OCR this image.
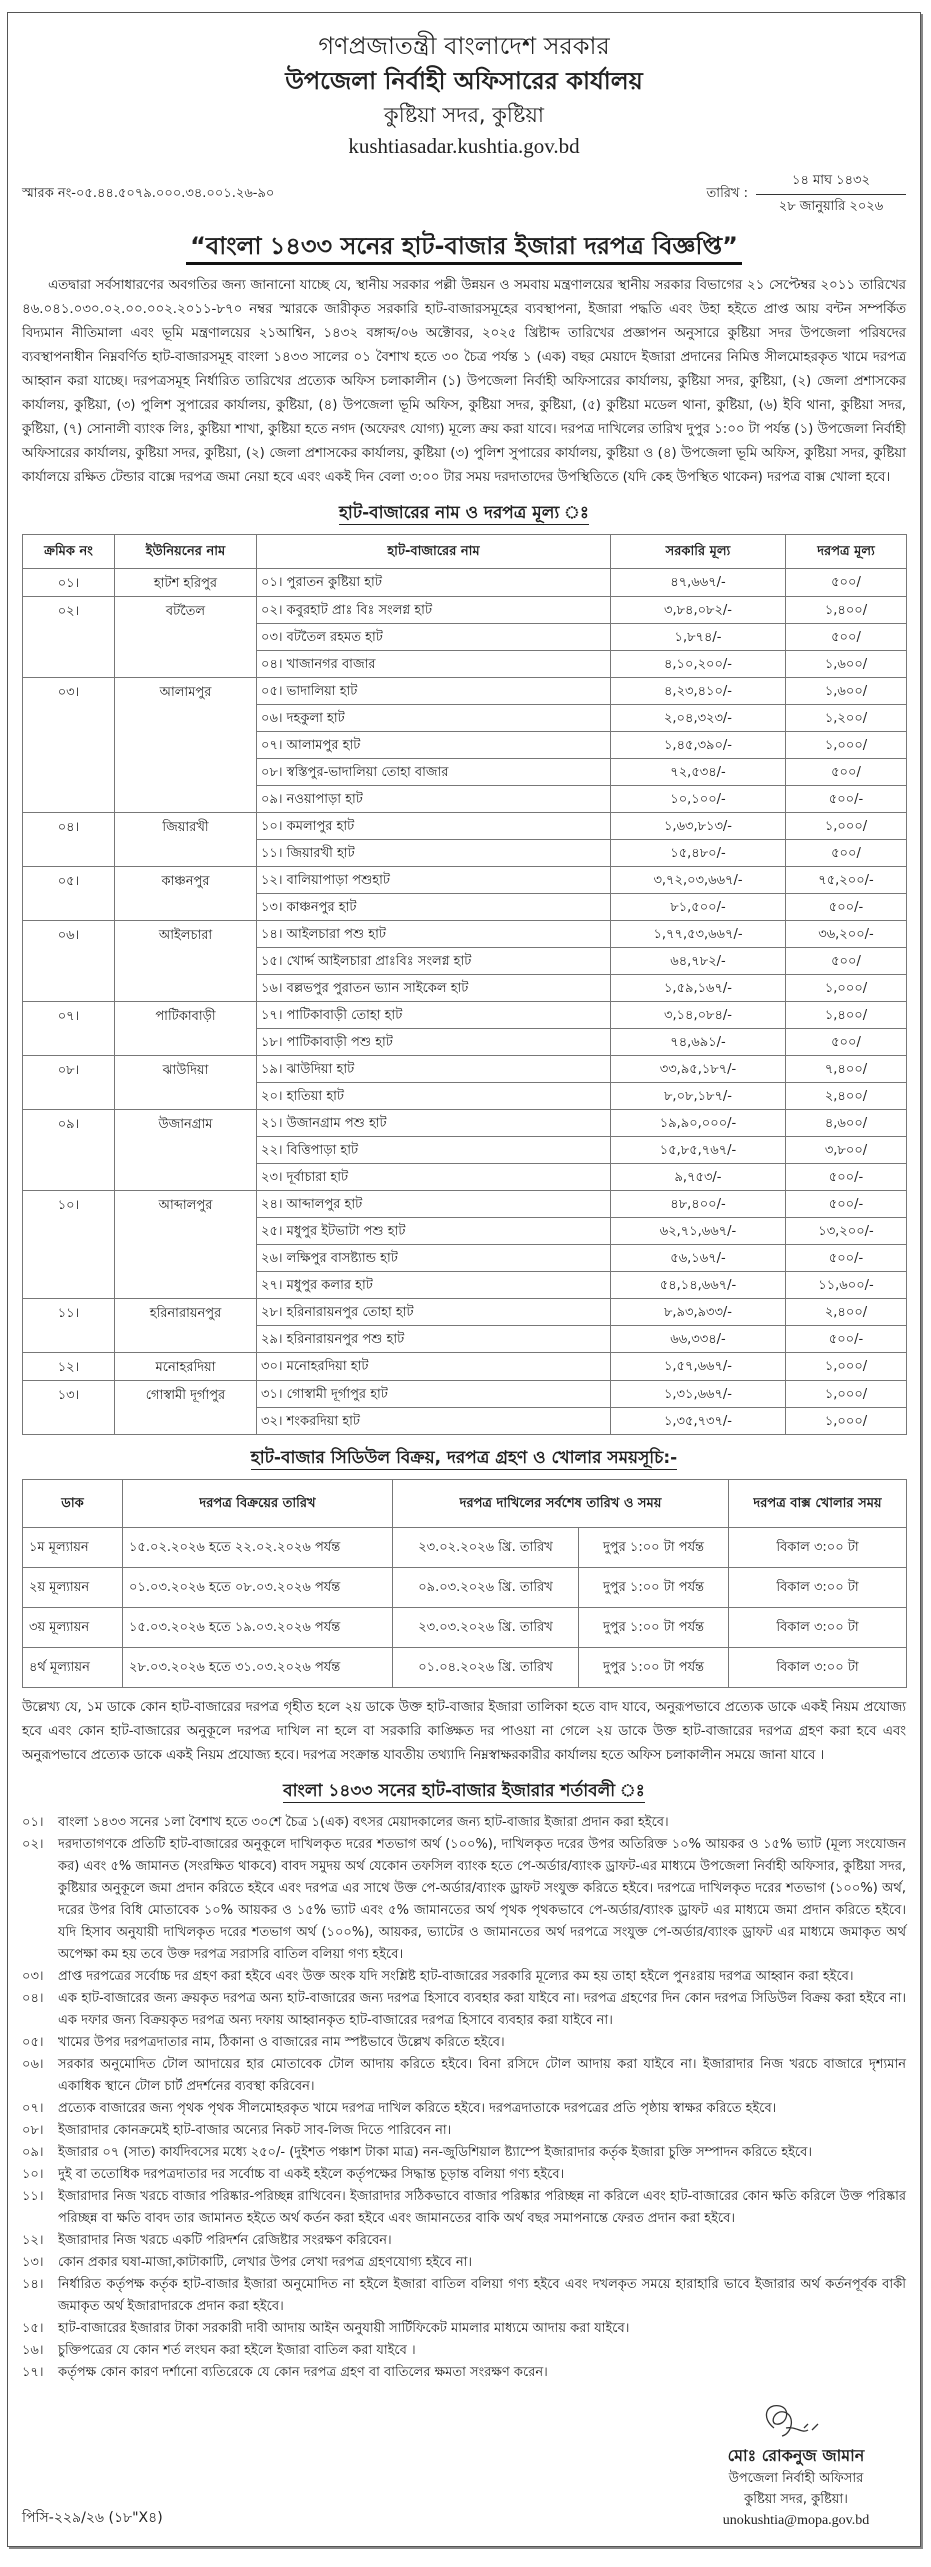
গণপ্রজাতন্ত্রী বাংলাদেশ সরকার
উপজেলা নির্বাহী অফিসারের কার্যালয়
কুষ্টিয়া সদর, কুষ্টিয়া
kushtiasadar.kushtia.gov.bd
স্মারক নং-০৫.৪৪.৫০৭৯.০০০.৩৪.০০১.২৬-৯০	তারিখ :
১৪ মাঘ ১৪৩২
২৮ জানুয়ারি ২০২৬
“বাংলা ১৪৩৩ সনের হাট-বাজার ইজারা দরপত্র বিজ্ঞপ্তি”
এতদ্বারা সর্বসাধারণের অবগতির জন্য জানানো যাচ্ছে যে, স্থানীয় সরকার পল্লী উন্নয়ন ও সমবায় মন্ত্রণালয়ের স্থানীয় সরকার বিভাগের ২১ সেপ্টেম্বর ২০১১ তারিখের ৪৬.০৪১.০৩০.০২.০০.০০২.২০১১-৮৭০ নম্বর স্মারকে জারীকৃত সরকারি হাট-বাজারসমূহের ব্যবস্থাপনা, ইজারা পদ্ধতি এবং উহা হইতে প্রাপ্ত আয় বন্টন সম্পর্কিত বিদ্যমান নীতিমালা এবং ভূমি মন্ত্রণালয়ের ২১আশ্বিন, ১৪৩২ বঙ্গাব্দ/০৬ অক্টোবর, ২০২৫ খ্রিষ্টাব্দ তারিখের প্রজ্ঞাপন অনুসারে কুষ্টিয়া সদর উপজেলা পরিষদের ব্যবস্থাপনাধীন নিম্নবর্ণিত হাট-বাজারসমূহ বাংলা ১৪৩৩ সালের ০১ বৈশাখ হতে ৩০ চৈত্র পর্যন্ত ১ (এক) বছর মেয়াদে ইজারা প্রদানের নিমিত্ত সীলমোহরকৃত খামে দরপত্র আহ্বান করা যাচ্ছে। দরপত্রসমূহ নির্ধারিত তারিখের প্রত্যেক অফিস চলাকালীন (১) উপজেলা নির্বাহী অফিসারের কার্যালয়, কুষ্টিয়া সদর, কুষ্টিয়া, (২) জেলা প্রশাসকের কার্যালয়, কুষ্টিয়া, (৩) পুলিশ সুপারের কার্যালয়, কুষ্টিয়া, (৪) উপজেলা ভূমি অফিস, কুষ্টিয়া সদর, কুষ্টিয়া, (৫) কুষ্টিয়া মডেল থানা, কুষ্টিয়া, (৬) ইবি থানা, কুষ্টিয়া সদর, কুষ্টিয়া, (৭) সোনালী ব্যাংক লিঃ, কুষ্টিয়া শাখা, কুষ্টিয়া হতে নগদ (অফেরৎ যোগ্য) মূল্যে ক্রয় করা যাবে। দরপত্র দাখিলের তারিখ দুপুর ১:০০ টা পর্যন্ত (১) উপজেলা নির্বাহী অফিসারের কার্যালয়, কুষ্টিয়া সদর, কুষ্টিয়া, (২) জেলা প্রশাসকের কার্যালয়, কুষ্টিয়া (৩) পুলিশ সুপারের কার্যালয়, কুষ্টিয়া ও (৪) উপজেলা ভূমি অফিস, কুষ্টিয়া সদর, কুষ্টিয়া কার্যালয়ে রক্ষিত টেন্ডার বাক্সে দরপত্র জমা নেয়া হবে এবং একই দিন বেলা ৩:০০ টার সময় দরদাতাদের উপস্থিতিতে (যদি কেহ উপস্থিত থাকেন) দরপত্র বাক্স খোলা হবে।
হাট-বাজারের নাম ও দরপত্র মূল্য ঃ
ক্রমিক নং	ইউনিয়নের নাম	হাট-বাজারের নাম	সরকারি মূল্য	দরপত্র মূল্য
০১।	হাটশ হরিপুর	০১। পুরাতন কুষ্টিয়া হাট	৪৭,৬৬৭/-	৫০০/
০২।	বটতৈল	০২। কবুরহাট প্রাঃ বিঃ সংলগ্ন হাট	৩,৮৪,০৮২/-	১,৪০০/
		০৩। বটতৈল রহমত হাট	১,৮৭৪/-	৫০০/
		০৪। খাজানগর বাজার	৪,১০,২০০/-	১,৬০০/
০৩।	আলামপুর	০৫। ভাদালিয়া হাট	৪,২৩,৪১০/-	১,৬০০/
		০৬। দহকুলা হাট	২,০৪,৩২৩/-	১,২০০/
		০৭। আলামপুর হাট	১,৪৫,৩৯০/-	১,০০০/
		০৮। স্বস্তিপুর-ভাদালিয়া তোহা বাজার	৭২,৫৩৪/-	৫০০/
		০৯। নওয়াপাড়া হাট	১০,১০০/-	৫০০/-
০৪।	জিয়ারখী	১০। কমলাপুর হাট	১,৬৩,৮১৩/-	১,০০০/
		১১। জিয়ারখী হাট	১৫,৪৮০/-	৫০০/
০৫।	কাঞ্চনপুর	১২। বালিয়াপাড়া পশুহাট	৩,৭২,০৩,৬৬৭/-	৭৫,২০০/-
		১৩। কাঞ্চনপুর হাট	৮১,৫০০/-	৫০০/-
০৬।	আইলচারা	১৪। আইলচারা পশু হাট	১,৭৭,৫৩,৬৬৭/-	৩৬,২০০/-
		১৫। খোর্দ্দ আইলচারা প্রাঃবিঃ সংলগ্ন হাট	৬৪,৭৮২/-	৫০০/
		১৬। বল্লভপুর পুরাতন ভ্যান সাইকেল হাট	১,৫৯,১৬৭/-	১,০০০/
০৭।	পাটিকাবাড়ী	১৭। পাটিকাবাড়ী তোহা হাট	৩,১৪,০৮৪/-	১,৪০০/
		১৮। পাটিকাবাড়ী পশু হাট	৭৪,৬৯১/-	৫০০/
০৮।	ঝাউদিয়া	১৯। ঝাউদিয়া হাট	৩৩,৯৫,১৮৭/-	৭,৪০০/
		২০। হাতিয়া হাট	৮,০৮,১৮৭/-	২,৪০০/
০৯।	উজানগ্রাম	২১। উজানগ্রাম পশু হাট	১৯,৯০,০০০/-	৪,৬০০/
		২২। বিত্তিপাড়া হাট	১৫,৮৫,৭৬৭/-	৩,৮০০/
		২৩। দূর্বাচারা হাট	৯,৭৫৩/-	৫০০/-
১০।	আব্দালপুর	২৪। আব্দালপুর হাট	৪৮,৪০০/-	৫০০/-
		২৫। মধুপুর ইটভাটা পশু হাট	৬২,৭১,৬৬৭/-	১৩,২০০/-
		২৬। লক্ষিপুর বাসষ্ট্যান্ড হাট	৫৬,১৬৭/-	৫০০/-
		২৭। মধুপুর কলার হাট	৫৪,১৪,৬৬৭/-	১১,৬০০/-
১১।	হরিনারায়নপুর	২৮। হরিনারায়নপুর তোহা হাট	৮,৯৩,৯৩৩/-	২,৪০০/
		২৯। হরিনারায়নপুর পশু হাট	৬৬,৩৩৪/-	৫০০/-
১২।	মনোহরদিয়া	৩০। মনোহরদিয়া হাট	১,৫৭,৬৬৭/-	১,০০০/
১৩।	গোস্বামী দূর্গাপুর	৩১। গোস্বামী দূর্গাপুর হাট	১,৩১,৬৬৭/-	১,০০০/
		৩২। শংকরদিয়া হাট	১,৩৫,৭৩৭/-	১,০০০/
হাট-বাজার সিডিউল বিক্রয়, দরপত্র গ্রহণ ও খোলার সময়সূচি:-
ডাক	দরপত্র বিক্রয়ের তারিখ	দরপত্র দাখিলের সর্বশেষ তারিখ ও সময়		দরপত্র বাক্স খোলার সময়
১ম মূল্যায়ন	১৫.০২.২০২৬ হতে ২২.০২.২০২৬ পর্যন্ত	২৩.০২.২০২৬ খ্রি. তারিখ	দুপুর ১:০০ টা পর্যন্ত	বিকাল ৩:০০ টা
২য় মূল্যায়ন	০১.০৩.২০২৬ হতে ০৮.০৩.২০২৬ পর্যন্ত	০৯.০৩.২০২৬ খ্রি. তারিখ	দুপুর ১:০০ টা পর্যন্ত	বিকাল ৩:০০ টা
৩য় মূল্যায়ন	১৫.০৩.২০২৬ হতে ১৯.০৩.২০২৬ পর্যন্ত	২৩.০৩.২০২৬ খ্রি. তারিখ	দুপুর ১:০০ টা পর্যন্ত	বিকাল ৩:০০ টা
৪র্থ মূল্যায়ন	২৮.০৩.২০২৬ হতে ৩১.০৩.২০২৬ পর্যন্ত	০১.০৪.২০২৬ খ্রি. তারিখ	দুপুর ১:০০ টা পর্যন্ত	বিকাল ৩:০০ টা
উল্লেখ্য যে, ১ম ডাকে কোন হাট-বাজারের দরপত্র গৃহীত হলে ২য় ডাকে উক্ত হাট-বাজার ইজারা তালিকা হতে বাদ যাবে, অনুরূপভাবে প্রত্যেক ডাকে একই নিয়ম প্রযোজ্য হবে এবং কোন হাট-বাজারের অনুকূলে দরপত্র দাখিল না হলে বা সরকারি কাঙ্ক্ষিত দর পাওয়া না গেলে ২য় ডাকে উক্ত হাট-বাজারের দরপত্র গ্রহণ করা হবে এবং অনুরূপভাবে প্রত্যেক ডাকে একই নিয়ম প্রযোজ্য হবে। দরপত্র সংক্রান্ত যাবতীয় তথ্যাদি নিম্নস্বাক্ষরকারীর কার্যালয় হতে অফিস চলাকালীন সময়ে জানা যাবে ।
বাংলা ১৪৩৩ সনের হাট-বাজার ইজারার শর্তাবলী ঃ
০১।	বাংলা ১৪৩৩ সনের ১লা বৈশাখ হতে ৩০শে চৈত্র ১(এক) বৎসর মেয়াদকালের জন্য হাট-বাজার ইজারা প্রদান করা হইবে।
০২।	দরদাতাগণকে প্রতিটি হাট-বাজারের অনুকূলে দাখিলকৃত দরের শতভাগ অর্থ (১০০%), দাখিলকৃত দরের উপর অতিরিক্ত ১০% আয়কর ও ১৫% ভ্যাট (মূল্য সংযোজন কর) এবং ৫% জামানত (সংরক্ষিত থাকবে) বাবদ সমুদয় অর্থ যেকোন তফসিল ব্যাংক হতে পে-অর্ডার/ব্যাংক ড্রাফট-এর মাধ্যমে উপজেলা নির্বাহী অফিসার, কুষ্টিয়া সদর, কুষ্টিয়ার অনুকূলে জমা প্রদান করিতে হইবে এবং দরপত্র এর সাথে উক্ত পে-অর্ডার/ব্যাংক ড্রাফট সংযুক্ত করিতে হইবে। দরপত্রে দাখিলকৃত দরের শতভাগ (১০০%) অর্থ, দরের উপর বিধি মোতাবেক ১০% আয়কর ও ১৫% ভ্যাট এবং ৫% জামানতের অর্থ পৃথক পৃথকভাবে পে-অর্ডার/ব্যাংক ড্রাফট এর মাধ্যমে জমা প্রদান করিতে হইবে। যদি হিসাব অনুযায়ী দাখিলকৃত দরের শতভাগ অর্থ (১০০%), আয়কর, ভ্যাটের ও জামানতের অর্থ দরপত্রে সংযুক্ত পে-অর্ডার/ব্যাংক ড্রাফট এর মাধ্যমে জমাকৃত অর্থ অপেক্ষা কম হয় তবে উক্ত দরপত্র সরাসরি বাতিল বলিয়া গণ্য হইবে।
০৩।	প্রাপ্ত দরপত্রের সর্বোচ্চ দর গ্রহণ করা হইবে এবং উক্ত অংক যদি সংশ্লিষ্ট হাট-বাজারের সরকারি মূল্যের কম হয় তাহা হইলে পুনঃরায় দরপত্র আহ্বান করা হইবে।
০৪।	এক হাট-বাজারের জন্য ক্রয়কৃত দরপত্র অন্য হাট-বাজারের জন্য দরপত্র হিসাবে ব্যবহার করা যাইবে না। দরপত্র গ্রহণের দিন কোন দরপত্র সিডিউল বিক্রয় করা হইবে না। এক দফার জন্য বিক্রয়কৃত দরপত্র অন্য দফায় আহ্বানকৃত হাট-বাজারের দরপত্র হিসাবে ব্যবহার করা যাইবে না।
০৫।	খামের উপর দরপত্রদাতার নাম, ঠিকানা ও বাজারের নাম স্পষ্টভাবে উল্লেখ করিতে হইবে।
০৬।	সরকার অনুমোদিত টোল আদায়ের হার মোতাবেক টোল আদায় করিতে হইবে। বিনা রসিদে টোল আদায় করা যাইবে না। ইজারাদার নিজ খরচে বাজারে দৃশ্যমান একাধিক স্থানে টোল চার্ট প্রদর্শনের ব্যবস্থা করিবেন।
০৭।	প্রত্যেক বাজারের জন্য পৃথক পৃথক সীলমোহরকৃত খামে দরপত্র দাখিল করিতে হইবে। দরপত্রদাতাকে দরপত্রের প্রতি পৃষ্ঠায় স্বাক্ষর করিতে হইবে।
০৮।	ইজারাদার কোনক্রমেই হাট-বাজার অন্যের নিকট সাব-লিজ দিতে পারিবেন না।
০৯।	ইজারার ০৭ (সাত) কার্যদিবসের মধ্যে ২৫০/- (দুইশত পঞ্চাশ টাকা মাত্র) নন-জুডিশিয়াল ষ্ট্যাম্পে ইজারাদার কর্তৃক ইজারা চুক্তি সম্পাদন করিতে হইবে।
১০।	দুই বা ততোধিক দরপত্রদাতার দর সর্বোচ্চ বা একই হইলে কর্তৃপক্ষের সিদ্ধান্ত চূড়ান্ত বলিয়া গণ্য হইবে।
১১।	ইজারাদার নিজ খরচে বাজার পরিষ্কার-পরিচ্ছন্ন রাখিবেন। ইজারাদার সঠিকভাবে বাজার পরিষ্কার পরিচ্ছন্ন না করিলে এবং হাট-বাজারের কোন ক্ষতি করিলে উক্ত পরিষ্কার পরিচ্ছন্ন বা ক্ষতি বাবদ তার জামানত হইতে অর্থ কর্তন করা হইবে এবং জামানতের বাকি অর্থ বছর সমাপনান্তে ফেরত প্রদান করা হইবে।
১২।	ইজারাদার নিজ খরচে একটি পরিদর্শন রেজিষ্টার সংরক্ষণ করিবেন।
১৩।	কোন প্রকার ঘষা-মাজা,কাটাকাটি, লেখার উপর লেখা দরপত্র গ্রহণযোগ্য হইবে না।
১৪।	নির্ধারিত কর্তৃপক্ষ কর্তৃক হাট-বাজার ইজারা অনুমোদিত না হইলে ইজারা বাতিল বলিয়া গণ্য হইবে এবং দখলকৃত সময়ে হারাহারি ভাবে ইজারার অর্থ কর্তনপূর্বক বাকী জমাকৃত অর্থ ইজারাদারকে প্রদান করা হইবে।
১৫।	হাট-বাজারের ইজারার টাকা সরকারী দাবী আদায় আইন অনুযায়ী সার্টিফিকেট মামলার মাধ্যমে আদায় করা যাইবে।
১৬।	চুক্তিপত্রের যে কোন শর্ত লংঘন করা হইলে ইজারা বাতিল করা যাইবে ।
১৭।	কর্তৃপক্ষ কোন কারণ দর্শানো ব্যতিরেকে যে কোন দরপত্র গ্রহণ বা বাতিলের ক্ষমতা সংরক্ষণ করেন।
মোঃ রোকনুজ জামান
উপজেলা নির্বাহী অফিসার
কুষ্টিয়া সদর, কুষ্টিয়া।
unokushtia@mopa.gov.bd
পিসি-২২৯/২৬ (১৮"X৪)
